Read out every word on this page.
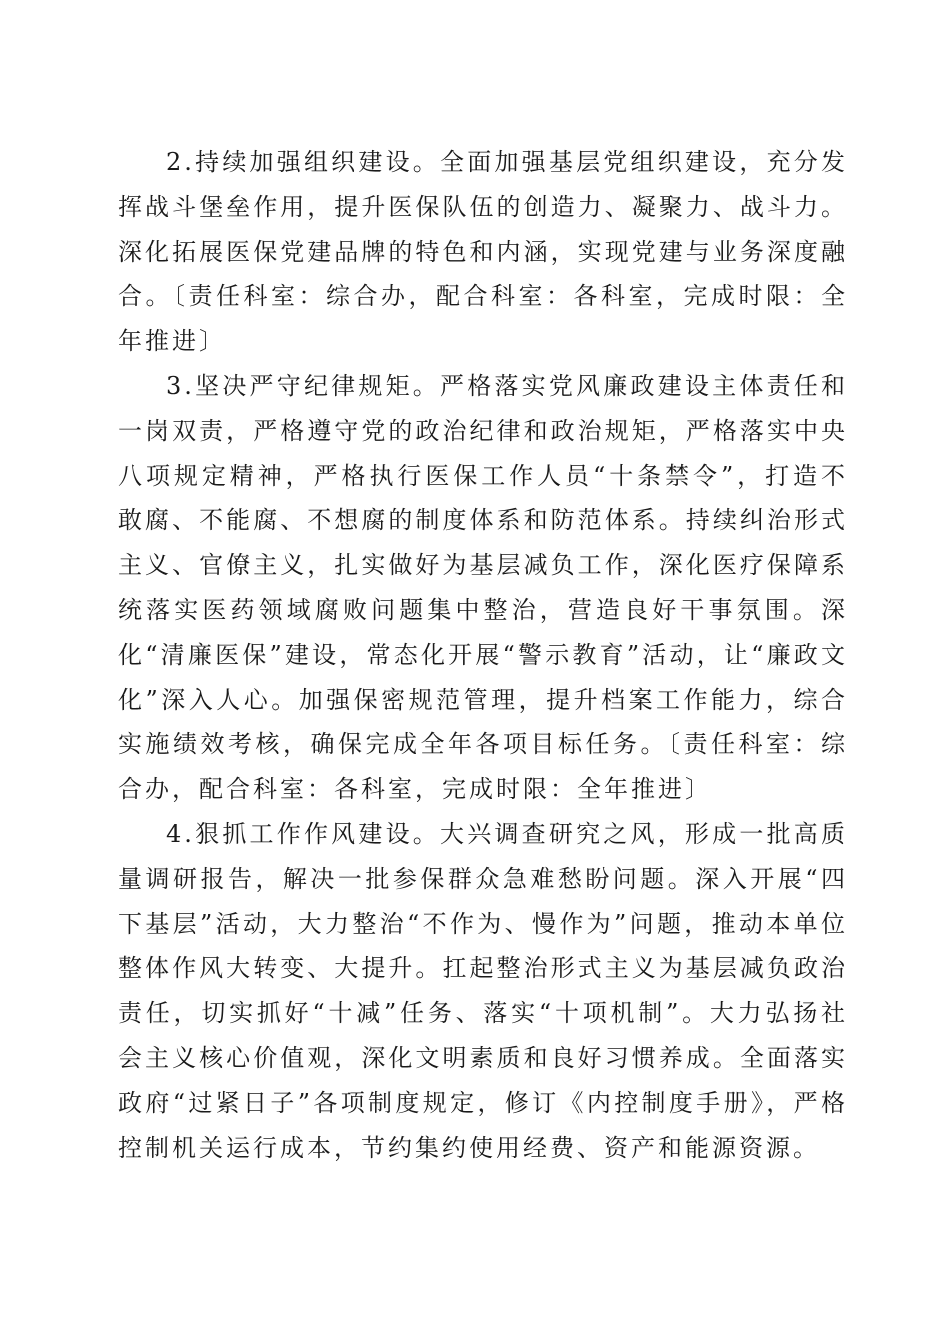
2.持续加强组织建设。全面加强基层党组织建设，充分发挥战斗堡垒作用，提升医保队伍的创造力、凝聚力、战斗力。深化拓展医保党建品牌的特色和内涵，实现党建与业务深度融合。〔责任科室：综合办，配合科室：各科室，完成时限：全年推进〕

3.坚决严守纪律规矩。严格落实党风廉政建设主体责任和一岗双责，严格遵守党的政治纪律和政治规矩，严格落实中央八项规定精神，严格执行医保工作人员“十条禁令”，打造不敢腐、不能腐、不想腐的制度体系和防范体系。持续纠治形式主义、官僚主义，扎实做好为基层减负工作，深化医疗保障系统落实医药领域腐败问题集中整治，营造良好干事氛围。深化“清廉医保”建设，常态化开展“警示教育”活动，让“廉政文化”深入人心。加强保密规范管理，提升档案工作能力，综合实施绩效考核，确保完成全年各项目标任务。〔责任科室：综合办，配合科室：各科室，完成时限：全年推进〕

4.狠抓工作作风建设。大兴调查研究之风，形成一批高质量调研报告，解决一批参保群众急难愁盼问题。深入开展“四下基层”活动，大力整治“不作为、慢作为”问题，推动本单位整体作风大转变、大提升。扛起整治形式主义为基层减负政治责任，切实抓好“十减”任务、落实“十项机制”。大力弘扬社会主义核心价值观，深化文明素质和良好习惯养成。全面落实政府“过紧日子”各项制度规定，修订《内控制度手册》，严格控制机关运行成本，节约集约使用经费、资产和能源资源。
